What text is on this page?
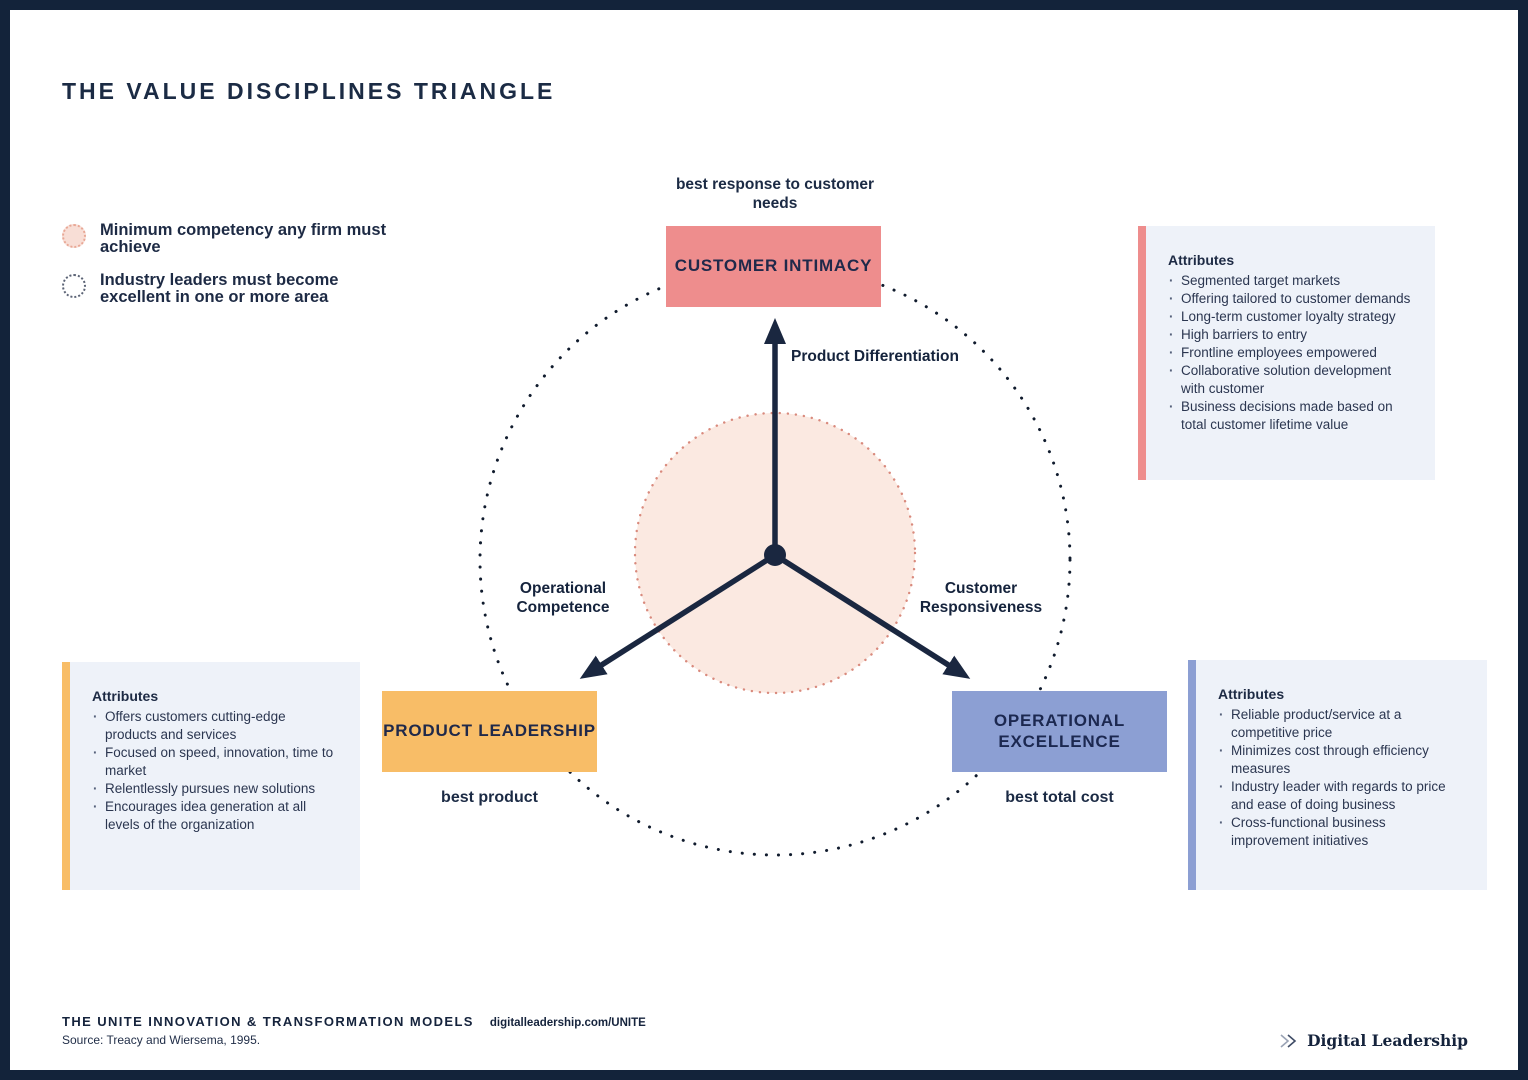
THE VALUE DISCIPLINES TRIANGLE
Minimum competency any firm must achieve
Industry leaders must become excellent in one or more area
best response to customer needs
Product Differentiation
Operational Competence
Customer Responsiveness
CUSTOMER INTIMACY
PRODUCT LEADERSHIP
OPERATIONAL EXCELLENCE
best product	best total cost

Attributes

· Segmented target markets
· Offering tailored to customer demands
· Long-term customer loyalty strategy
· High barriers to entry
· Frontline employees empowered
· Collaborative solution development with customer
· Business decisions made based on total customer lifetime value

Attributes

· Offers customers cutting-edge products and services
· Focused on speed, innovation, time to market
· Relentlessly pursues new solutions
· Encourages idea generation at all levels of the organization

Attributes

· Reliable product/service at a competitive price
· Minimizes cost through efficiency measures
· Industry leader with regards to price and ease of doing business
· Cross-functional business improvement initiatives
THE UNITE INNOVATION & TRANSFORMATION MODELS digitalleadership.com/UNITE
Source: Treacy and Wiersema, 1995.	Digital Leadership
